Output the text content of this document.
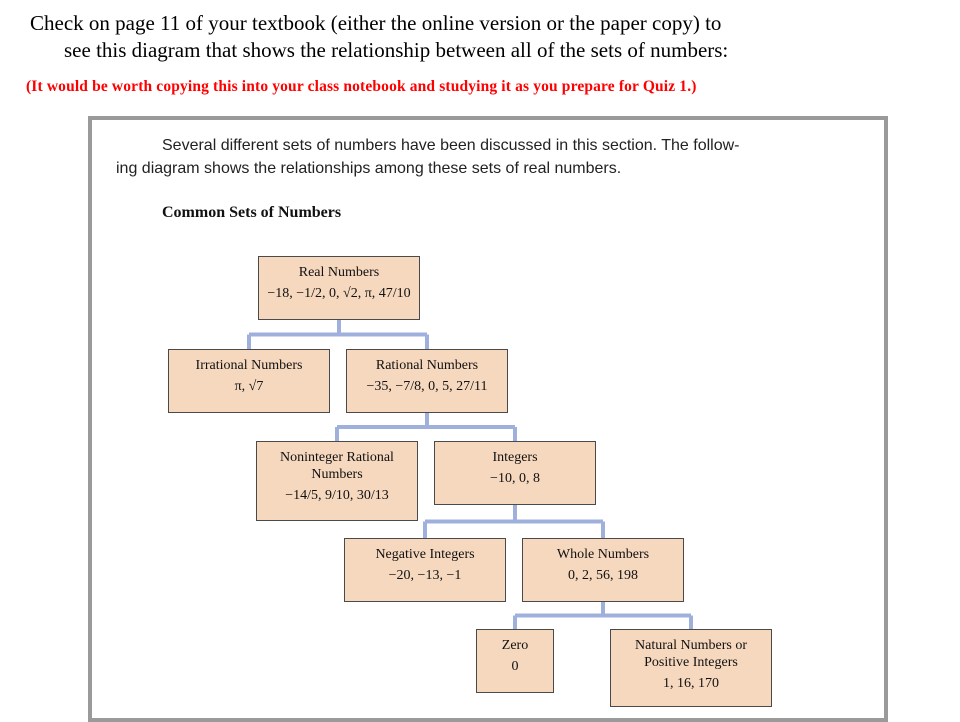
Check on page 11 of your textbook (either the online version or the paper copy) to
see this diagram that shows the relationship between all of the sets of numbers:

(It would be worth copying this into your class notebook and studying it as you prepare for Quiz 1.)

Several different sets of numbers have been discussed in this section. The follow-
ing diagram shows the relationships among these sets of real numbers.

Common Sets of Numbers
Real Numbers
−18, −1/2, 0, √2, π, 47/10
Irrational Numbers
π, √7
Rational Numbers
−35, −7/8, 0, 5, 27/11
Noninteger Rational Numbers
−14/5, 9/10, 30/13
Integers
−10, 0, 8
Negative Integers
−20, −13, −1
Whole Numbers
0, 2, 56, 198
Zero
0
Natural Numbers or Positive Integers
1, 16, 170
